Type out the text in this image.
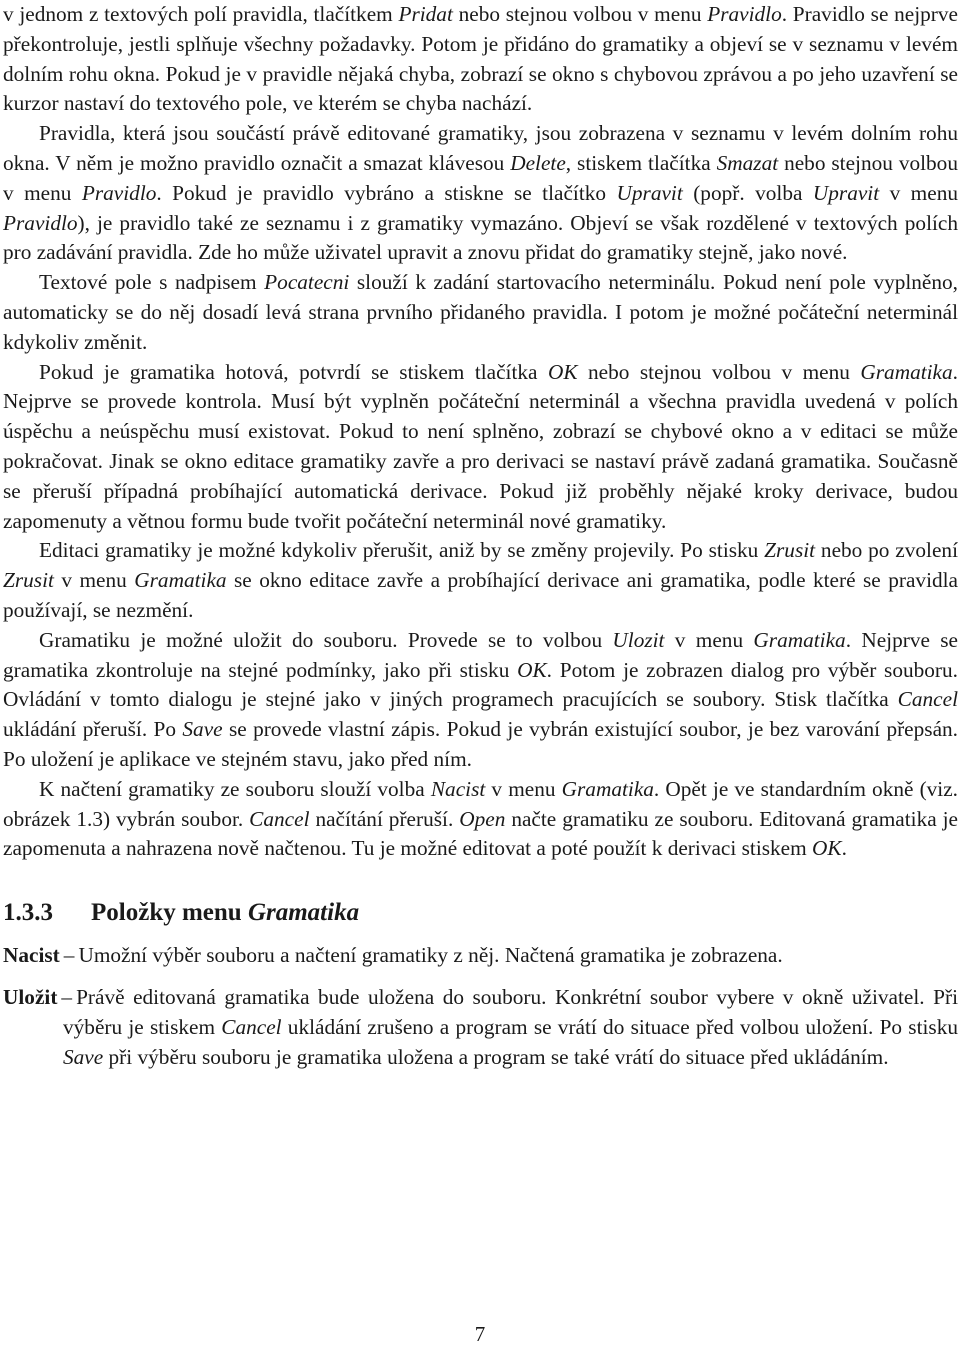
v jednom z textových polí pravidla, tlačítkem Pridat nebo stejnou volbou v menu Pravidlo. Pravidlo se nejprve překontroluje, jestli splňuje všechny požadavky. Potom je přidáno do gramatiky a objeví se v seznamu v levém dolním rohu okna. Pokud je v pravidle nějaká chyba, zobrazí se okno s chybovou zprávou a po jeho uzavření se kurzor nastaví do textového pole, ve kterém se chyba nachází.

Pravidla, která jsou součástí právě editované gramatiky, jsou zobrazena v seznamu v levém dolním rohu okna. V něm je možno pravidlo označit a smazat klávesou Delete, stiskem tlačítka Smazat nebo stejnou volbou v menu Pravidlo. Pokud je pravidlo vybráno a stiskne se tlačítko Upravit (popř. volba Upravit v menu Pravidlo), je pravidlo také ze seznamu i z gramatiky vymazáno. Objeví se však rozdělené v textových polích pro zadávání pravidla. Zde ho může uživatel upravit a znovu přidat do gramatiky stejně, jako nové.

Textové pole s nadpisem Pocatecni slouží k zadání startovacího neterminálu. Pokud není pole vyplněno, automaticky se do něj dosadí levá strana prvního přidaného pravidla. I potom je možné počáteční neterminál kdykoliv změnit.

Pokud je gramatika hotová, potvrdí se stiskem tlačítka OK nebo stejnou volbou v menu Gramatika. Nejprve se provede kontrola. Musí být vyplněn počáteční neterminál a všechna pravidla uvedená v polích úspěchu a neúspěchu musí existovat. Pokud to není splněno, zobrazí se chybové okno a v editaci se může pokračovat. Jinak se okno editace gramatiky zavře a pro derivaci se nastaví právě zadaná gramatika. Současně se přeruší případná probíhající automatická derivace. Pokud již proběhly nějaké kroky derivace, budou zapomenuty a větnou formu bude tvořit počáteční neterminál nové gramatiky.

Editaci gramatiky je možné kdykoliv přerušit, aniž by se změny projevily. Po stisku Zrusit nebo po zvolení Zrusit v menu Gramatika se okno editace zavře a probíhající derivace ani gramatika, podle které se pravidla používají, se nezmění.

Gramatiku je možné uložit do souboru. Provede se to volbou Ulozit v menu Gramatika. Nejprve se gramatika zkontroluje na stejné podmínky, jako při stisku OK. Potom je zobrazen dialog pro výběr souboru. Ovládání v tomto dialogu je stejné jako v jiných programech pracujících se soubory. Stisk tlačítka Cancel ukládání přeruší. Po Save se provede vlastní zápis. Pokud je vybrán existující soubor, je bez varování přepsán. Po uložení je aplikace ve stejném stavu, jako před ním.

K načtení gramatiky ze souboru slouží volba Nacist v menu Gramatika. Opět je ve standardním okně (viz. obrázek 1.3) vybrán soubor. Cancel načítání přeruší. Open načte gramatiku ze souboru. Editovaná gramatika je zapomenuta a nahrazena nově načtenou. Tu je možné editovat a poté použít k derivaci stiskem OK.

1.3.3 Položky menu Gramatika
Nacist – Umožní výběr souboru a načtení gramatiky z něj. Načtená gramatika je zobrazena.
Uložit – Právě editovaná gramatika bude uložena do souboru. Konkrétní soubor vybere v okně uživatel. Při výběru je stiskem Cancel ukládání zrušeno a program se vrátí do situace před volbou uložení. Po stisku Save při výběru souboru je gramatika uložena a program se také vrátí do situace před ukládáním.
7
